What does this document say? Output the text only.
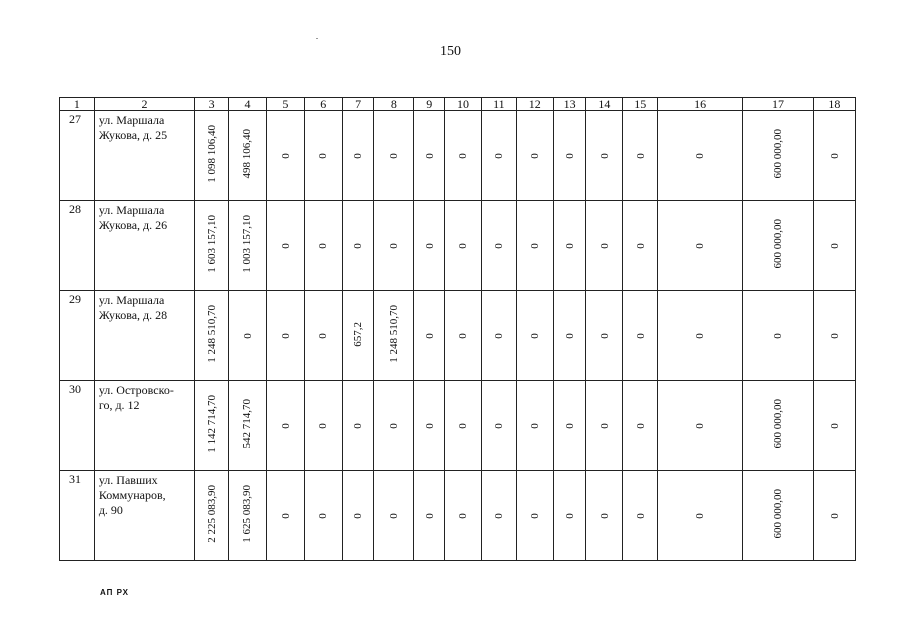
150
1	2	3	4	5	6	7	8	9	10	11	12	13	14	15	16	17	18
27	ул. Маршала
Жукова, д. 25	1 098 106,40	498 106,40	0	0	0	0	0	0	0	0	0	0	0	0	600 000,00	0
28	ул. Маршала
Жукова, д. 26	1 603 157,10	1 003 157,10	0	0	0	0	0	0	0	0	0	0	0	0	600 000,00	0
29	ул. Маршала
Жукова, д. 28	1 248 510,70	0	0	0	657,2	1 248 510,70	0	0	0	0	0	0	0	0	0	0
30	ул. Островско-
го, д. 12	1 142 714,70	542 714,70	0	0	0	0	0	0	0	0	0	0	0	0	600 000,00	0
31	ул. Павших
Коммунаров,
д. 90	2 225 083,90	1 625 083,90	0	0	0	0	0	0	0	0	0	0	0	0	600 000,00	0
АП РХ
